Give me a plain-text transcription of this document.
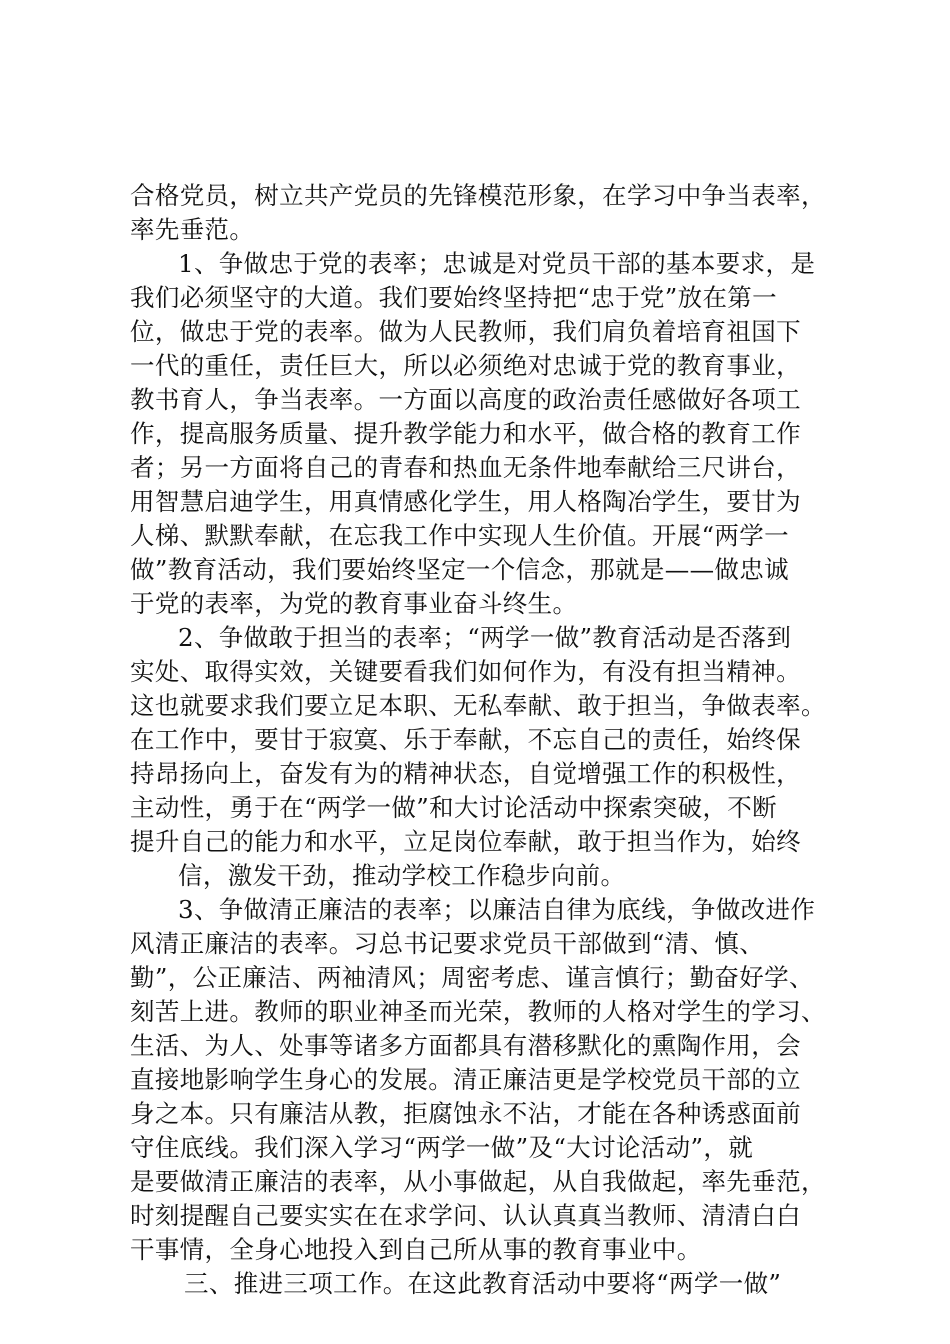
合格党员，树立共产党员的先锋模范形象，在学习中争当表率，
率先垂范。
1、争做忠于党的表率；忠诚是对党员干部的基本要求，是
我们必须坚守的大道。我们要始终坚持把“忠于党”放在第一
位，做忠于党的表率。做为人民教师，我们肩负着培育祖国下
一代的重任，责任巨大，所以必须绝对忠诚于党的教育事业，
教书育人，争当表率。一方面以高度的政治责任感做好各项工
作，提高服务质量、提升教学能力和水平，做合格的教育工作
者；另一方面将自己的青春和热血无条件地奉献给三尺讲台，
用智慧启迪学生，用真情感化学生，用人格陶冶学生，要甘为
人梯、默默奉献，在忘我工作中实现人生价值。开展“两学一
做”教育活动，我们要始终坚定一个信念，那就是——做忠诚
于党的表率，为党的教育事业奋斗终生。
2、争做敢于担当的表率；“两学一做”教育活动是否落到
实处、取得实效，关键要看我们如何作为，有没有担当精神。
这也就要求我们要立足本职、无私奉献、敢于担当，争做表率。
在工作中，要甘于寂寞、乐于奉献，不忘自己的责任，始终保
持昂扬向上，奋发有为的精神状态，自觉增强工作的积极性，
主动性，勇于在“两学一做”和大讨论活动中探索突破，不断
提升自己的能力和水平，立足岗位奉献，敢于担当作为，始终
信，激发干劲，推动学校工作稳步向前。
3、争做清正廉洁的表率；以廉洁自律为底线，争做改进作
风清正廉洁的表率。习总书记要求党员干部做到“清、慎、
勤”，公正廉洁、两袖清风；周密考虑、谨言慎行；勤奋好学、
刻苦上进。教师的职业神圣而光荣，教师的人格对学生的学习、
生活、为人、处事等诸多方面都具有潜移默化的熏陶作用，会
直接地影响学生身心的发展。清正廉洁更是学校党员干部的立
身之本。只有廉洁从教，拒腐蚀永不沾，才能在各种诱惑面前
守住底线。我们深入学习“两学一做”及“大讨论活动”，就
是要做清正廉洁的表率，从小事做起，从自我做起，率先垂范，
时刻提醒自己要实实在在求学问、认认真真当教师、清清白白
干事情，全身心地投入到自己所从事的教育事业中。
三、推进三项工作。在这此教育活动中要将“两学一做”
